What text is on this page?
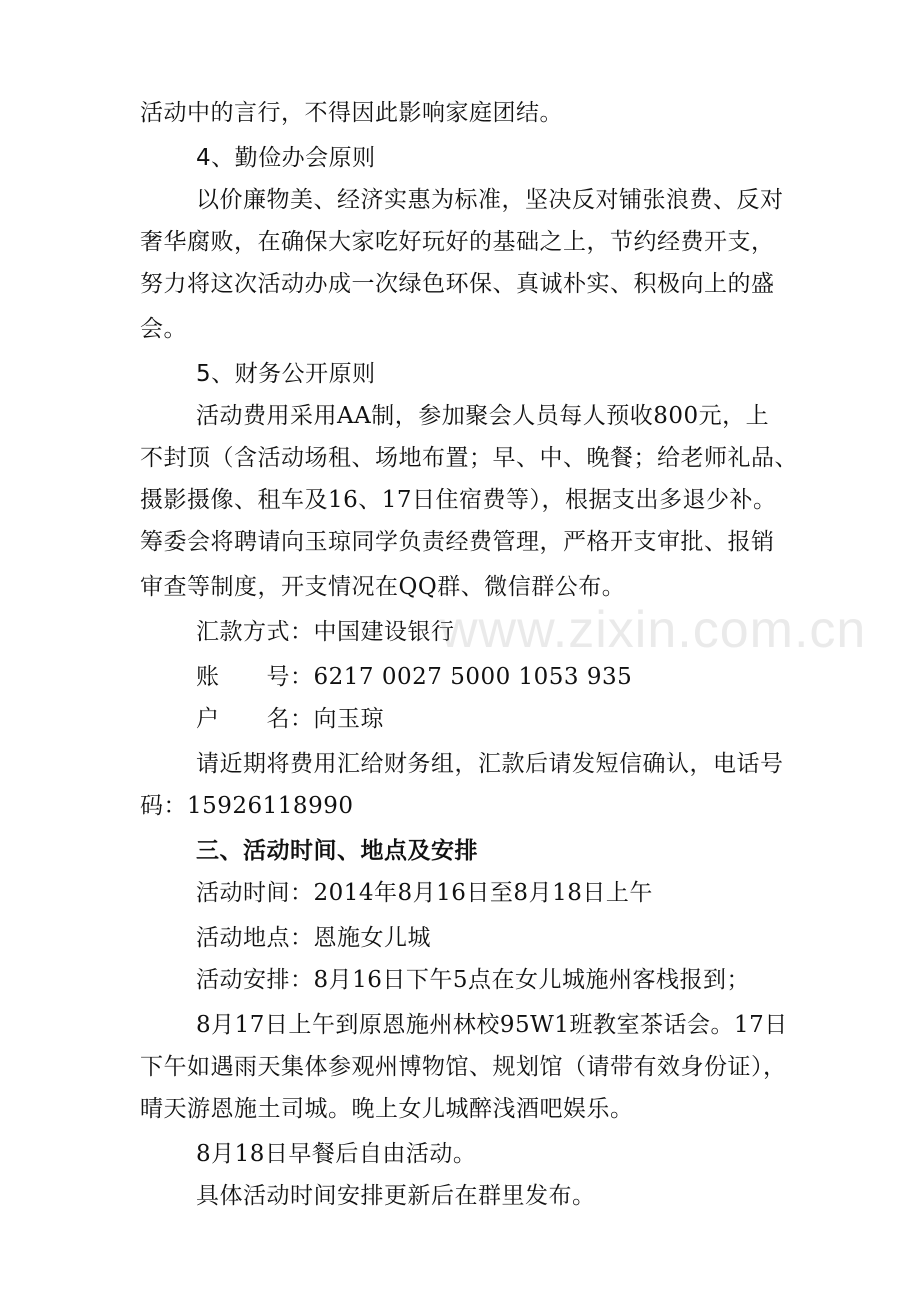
活动中的言行，不得因此影响家庭团结。
4、勤俭办会原则
以价廉物美、经济实惠为标准，坚决反对铺张浪费、反对
奢华腐败，在确保大家吃好玩好的基础之上，节约经费开支，
努力将这次活动办成一次绿色环保、真诚朴实、积极向上的盛
会。
5、财务公开原则
活动费用采用AA制，参加聚会人员每人预收800元，上
不封顶（含活动场租、场地布置；早、中、晚餐；给老师礼品、
摄影摄像、租车及16、17日住宿费等），根据支出多退少补。
筹委会将聘请向玉琼同学负责经费管理，严格开支审批、报销
审查等制度，开支情况在QQ群、微信群公布。
汇款方式：中国建设银行
账　　号：6217 0027 5000 1053 935
户　　名：向玉琼
请近期将费用汇给财务组，汇款后请发短信确认，电话号
码：15926118990
三、活动时间、地点及安排
活动时间：2014年8月16日至8月18日上午
活动地点：恩施女儿城
活动安排：8月16日下午5点在女儿城施州客栈报到；
8月17日上午到原恩施州林校95W1班教室茶话会。17日
下午如遇雨天集体参观州博物馆、规划馆（请带有效身份证），
晴天游恩施土司城。晚上女儿城醉浅酒吧娱乐。
8月18日早餐后自由活动。
具体活动时间安排更新后在群里发布。
www.zixin.com.cn
